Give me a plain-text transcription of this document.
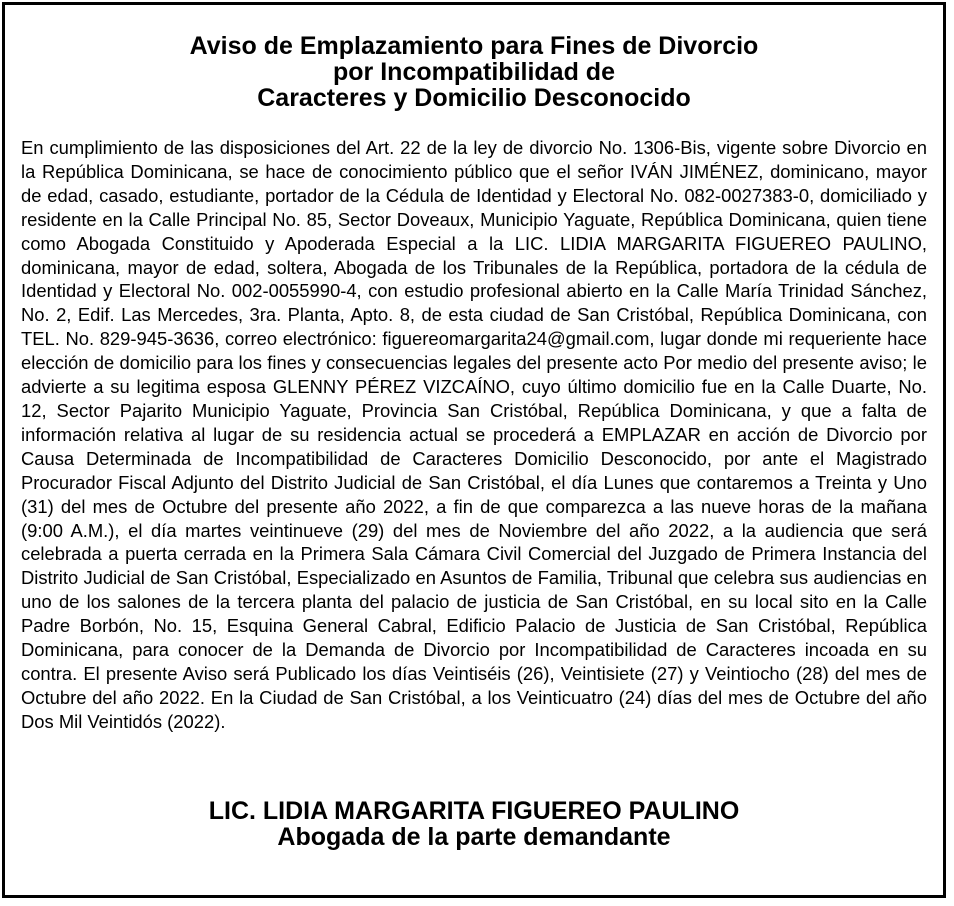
Aviso de Emplazamiento para Fines de Divorcio
por Incompatibilidad de
Caracteres y Domicilio Desconocido

En cumplimiento de las disposiciones del Art. 22 de la ley de divorcio No. 1306-Bis, vigente sobre Divorcio en la República Dominicana, se hace de conocimiento público que el señor IVÁN JIMÉNEZ, dominicano, mayor de edad, casado, estudiante, portador de la Cédula de Identidad y Electoral No. 082-0027383-0, domiciliado y residente en la Calle Principal No. 85, Sector Doveaux, Municipio Yaguate, República Dominicana, quien tiene como Abogada Constituido y Apoderada Especial a la LIC. LIDIA MARGARITA FIGUEREO PAULINO, dominicana, mayor de edad, soltera, Abogada de los Tribunales de la República, portadora de la cédula de Identidad y Electoral No. 002-0055990-4, con estudio profesional abierto en la Calle María Trinidad Sánchez, No. 2, Edif. Las Mercedes, 3ra. Planta, Apto. 8, de esta ciudad de San Cristóbal, República Dominicana, con TEL. No. 829-945-3636, correo electrónico: figuereomargarita24@gmail.com, lugar donde mi requeriente hace elección de domicilio para los fines y consecuencias legales del presente acto Por medio del presente aviso; le advierte a su legitima esposa GLENNY PÉREZ VIZCAÍNO, cuyo último domicilio fue en la Calle Duarte, No. 12, Sector Pajarito Municipio Yaguate, Provincia San Cristóbal, República Dominicana, y que a falta de información relativa al lugar de su residencia actual se procederá a EMPLAZAR en acción de Divorcio por Causa Determinada de Incompatibilidad de Caracteres Domicilio Desconocido, por ante el Magistrado Procurador Fiscal Adjunto del Distrito Judicial de San Cristóbal, el día Lunes que contaremos a Treinta y Uno (31) del mes de Octubre del presente año 2022, a fin de que comparezca a las nueve horas de la mañana (9:00 A.M.), el día martes veintinueve (29) del mes de Noviembre del año 2022, a la audiencia que será celebrada a puerta cerrada en la Primera Sala Cámara Civil Comercial del Juzgado de Primera Instancia del Distrito Judicial de San Cristóbal, Especializado en Asuntos de Familia, Tribunal que celebra sus audiencias en uno de los salones de la tercera planta del palacio de justicia de San Cristóbal, en su local sito en la Calle Padre Borbón, No. 15, Esquina General Cabral, Edificio Palacio de Justicia de San Cristóbal, República Dominicana, para conocer de la Demanda de Divorcio por Incompatibilidad de Caracteres incoada en su contra. El presente Aviso será Publicado los días Veintiséis (26), Veintisiete (27) y Veintiocho (28) del mes de Octubre del año 2022. En la Ciudad de San Cristóbal, a los Veinticuatro (24) días del mes de Octubre del año Dos Mil Veintidós (2022).

LIC. LIDIA MARGARITA FIGUEREO PAULINO
Abogada de la parte demandante
